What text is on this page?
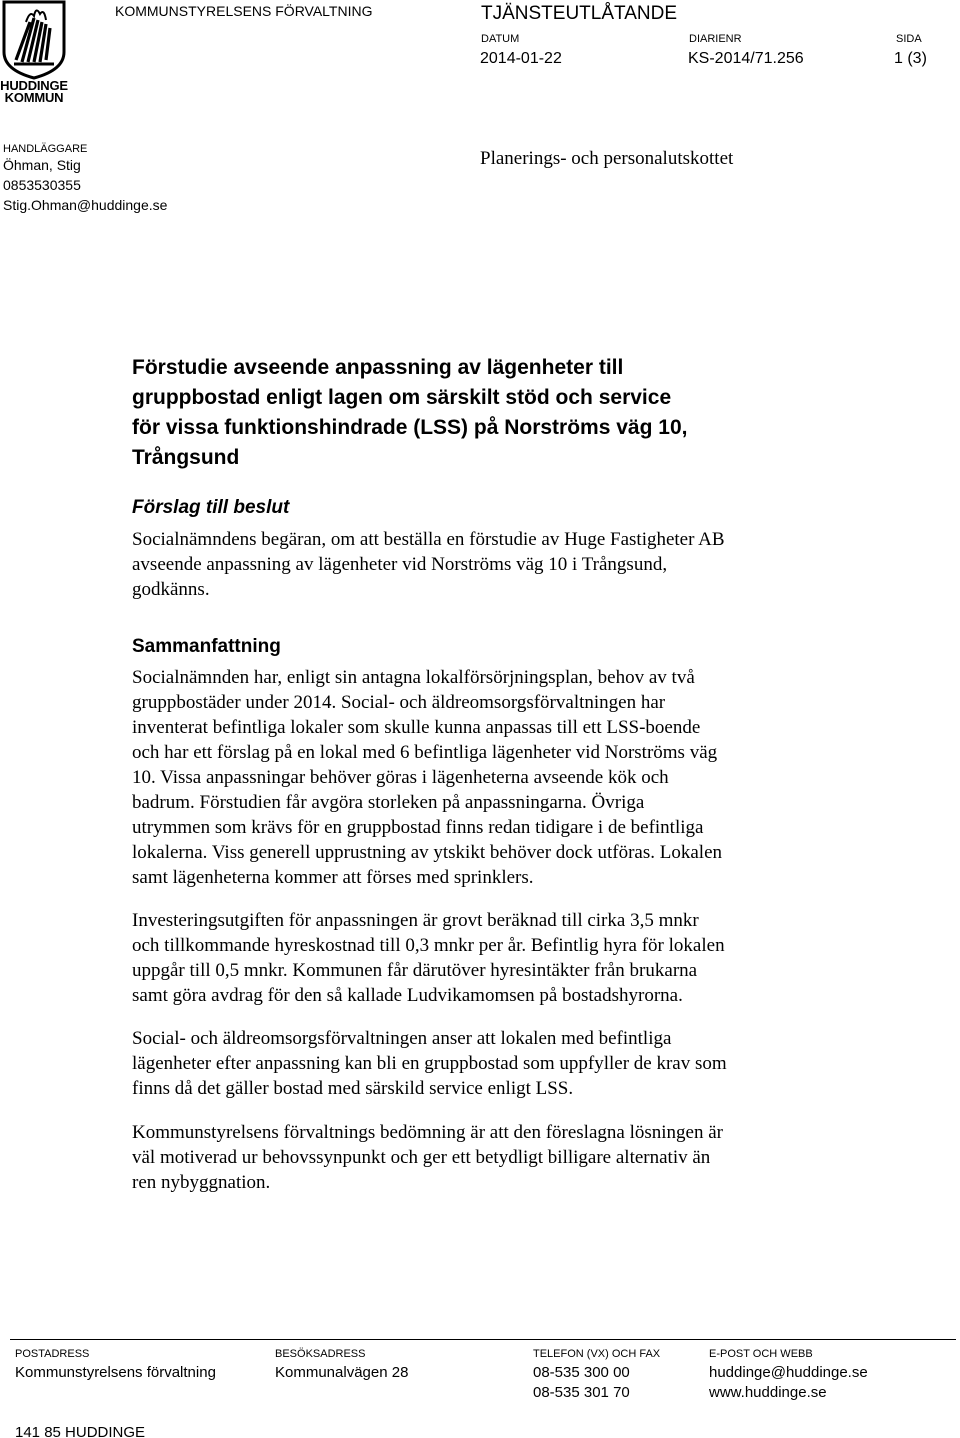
HUDDINGE
KOMMUN
KOMMUNSTYRELSENS FÖRVALTNING	TJÄNSTEUTLÅTANDE
DATUM
2014-01-22
DIARIENR
KS-2014/71.256
SIDA
1 (3)
HANDLÄGGARE
Öhman, Stig
0853530355
Stig.Ohman@huddinge.se
Planerings- och personalutskottet
Förstudie avseende anpassning av lägenheter till
gruppbostad enligt lagen om särskilt stöd och service
för vissa funktionshindrade (LSS) på Norströms väg 10,
Trångsund
Förslag till beslut
Socialnämndens begäran, om att beställa en förstudie av Huge Fastigheter AB
avseende anpassning av lägenheter vid Norströms väg 10 i Trångsund,
godkänns.
Sammanfattning
Socialnämnden har, enligt sin antagna lokalförsörjningsplan, behov av två
gruppbostäder under 2014. Social- och äldreomsorgsförvaltningen har
inventerat befintliga lokaler som skulle kunna anpassas till ett LSS-boende
och har ett förslag på en lokal med 6 befintliga lägenheter vid Norströms väg
10. Vissa anpassningar behöver göras i lägenheterna avseende kök och
badrum. Förstudien får avgöra storleken på anpassningarna. Övriga
utrymmen som krävs för en gruppbostad finns redan tidigare i de befintliga
lokalerna. Viss generell upprustning av ytskikt behöver dock utföras. Lokalen
samt lägenheterna kommer att förses med sprinklers.
Investeringsutgiften för anpassningen är grovt beräknad till cirka 3,5 mnkr
och tillkommande hyreskostnad till 0,3 mnkr per år. Befintlig hyra för lokalen
uppgår till 0,5 mnkr. Kommunen får därutöver hyresintäkter från brukarna
samt göra avdrag för den så kallade Ludvikamomsen på bostadshyrorna.
Social- och äldreomsorgsförvaltningen anser att lokalen med befintliga
lägenheter efter anpassning kan bli en gruppbostad som uppfyller de krav som
finns då det gäller bostad med särskild service enligt LSS.
Kommunstyrelsens förvaltnings bedömning är att den föreslagna lösningen är
väl motiverad ur behovssynpunkt och ger ett betydligt billigare alternativ än
ren nybyggnation.
POSTADRESS
Kommunstyrelsens förvaltning
141 85 HUDDINGE
BESÖKSADRESS
Kommunalvägen 28
TELEFON (VX) OCH FAX
08-535 300 00
08-535 301 70
E-POST OCH WEBB
huddinge@huddinge.se
www.huddinge.se
